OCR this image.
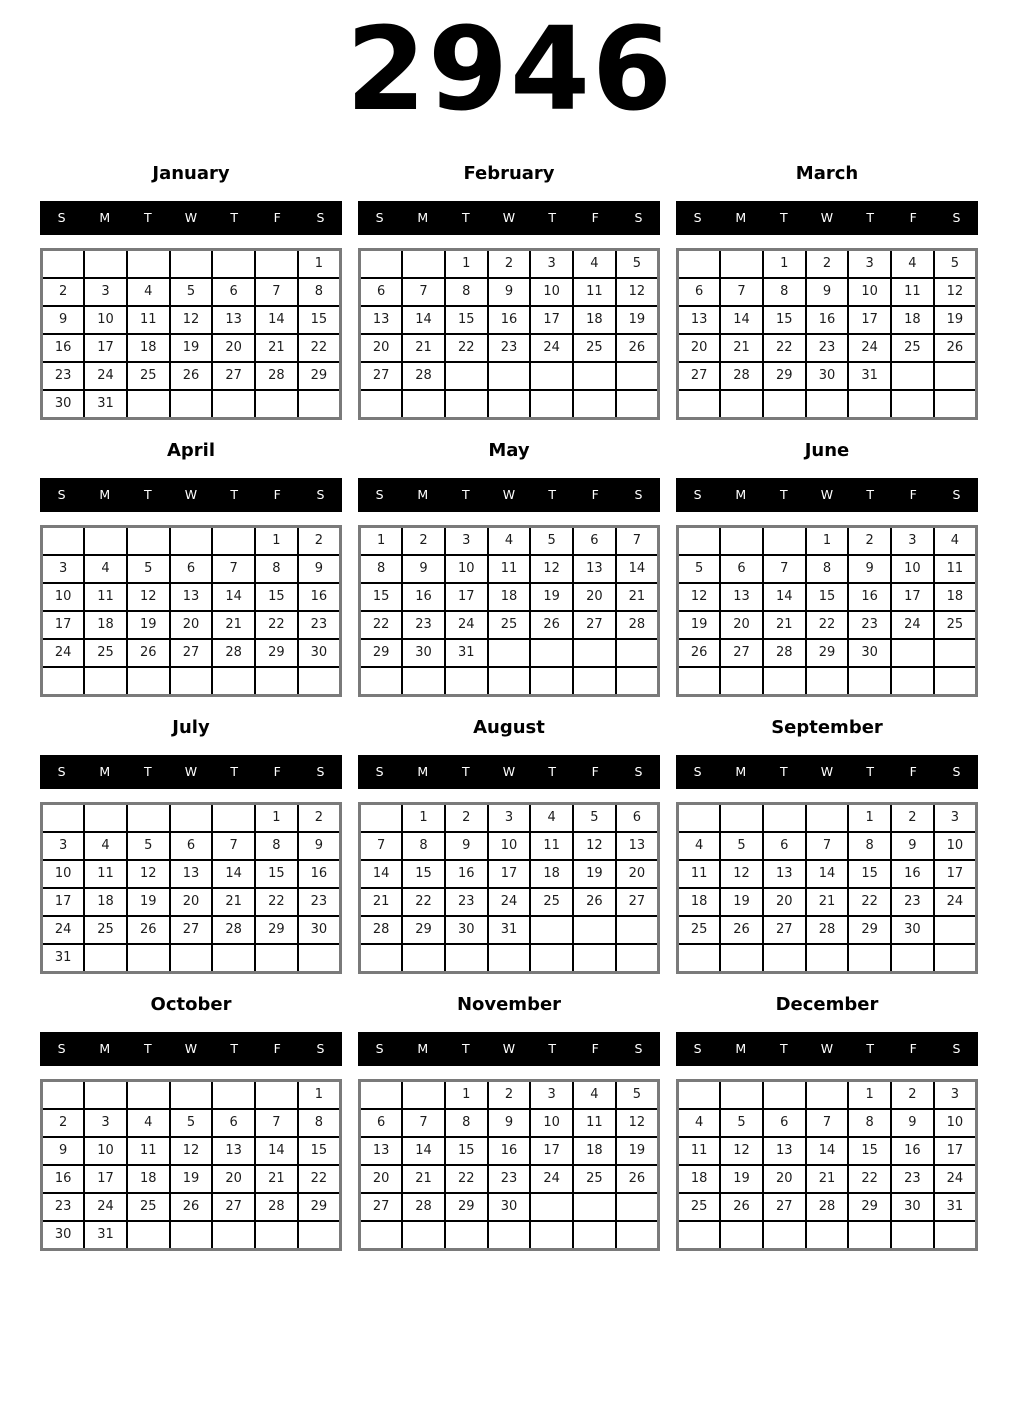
2946
January
S	M	T	W	T	F	S
						1
2	3	4	5	6	7	8
9	10	11	12	13	14	15
16	17	18	19	20	21	22
23	24	25	26	27	28	29
30	31					
February
S	M	T	W	T	F	S
		1	2	3	4	5
6	7	8	9	10	11	12
13	14	15	16	17	18	19
20	21	22	23	24	25	26
27	28					

March
S	M	T	W	T	F	S
		1	2	3	4	5
6	7	8	9	10	11	12
13	14	15	16	17	18	19
20	21	22	23	24	25	26
27	28	29	30	31		

April
S	M	T	W	T	F	S
					1	2
3	4	5	6	7	8	9
10	11	12	13	14	15	16
17	18	19	20	21	22	23
24	25	26	27	28	29	30

May
S	M	T	W	T	F	S
1	2	3	4	5	6	7
8	9	10	11	12	13	14
15	16	17	18	19	20	21
22	23	24	25	26	27	28
29	30	31				

June
S	M	T	W	T	F	S
			1	2	3	4
5	6	7	8	9	10	11
12	13	14	15	16	17	18
19	20	21	22	23	24	25
26	27	28	29	30		

July
S	M	T	W	T	F	S
					1	2
3	4	5	6	7	8	9
10	11	12	13	14	15	16
17	18	19	20	21	22	23
24	25	26	27	28	29	30
31						
August
S	M	T	W	T	F	S
	1	2	3	4	5	6
7	8	9	10	11	12	13
14	15	16	17	18	19	20
21	22	23	24	25	26	27
28	29	30	31			

September
S	M	T	W	T	F	S
				1	2	3
4	5	6	7	8	9	10
11	12	13	14	15	16	17
18	19	20	21	22	23	24
25	26	27	28	29	30	

October
S	M	T	W	T	F	S
						1
2	3	4	5	6	7	8
9	10	11	12	13	14	15
16	17	18	19	20	21	22
23	24	25	26	27	28	29
30	31					
November
S	M	T	W	T	F	S
		1	2	3	4	5
6	7	8	9	10	11	12
13	14	15	16	17	18	19
20	21	22	23	24	25	26
27	28	29	30			

December
S	M	T	W	T	F	S
				1	2	3
4	5	6	7	8	9	10
11	12	13	14	15	16	17
18	19	20	21	22	23	24
25	26	27	28	29	30	31
